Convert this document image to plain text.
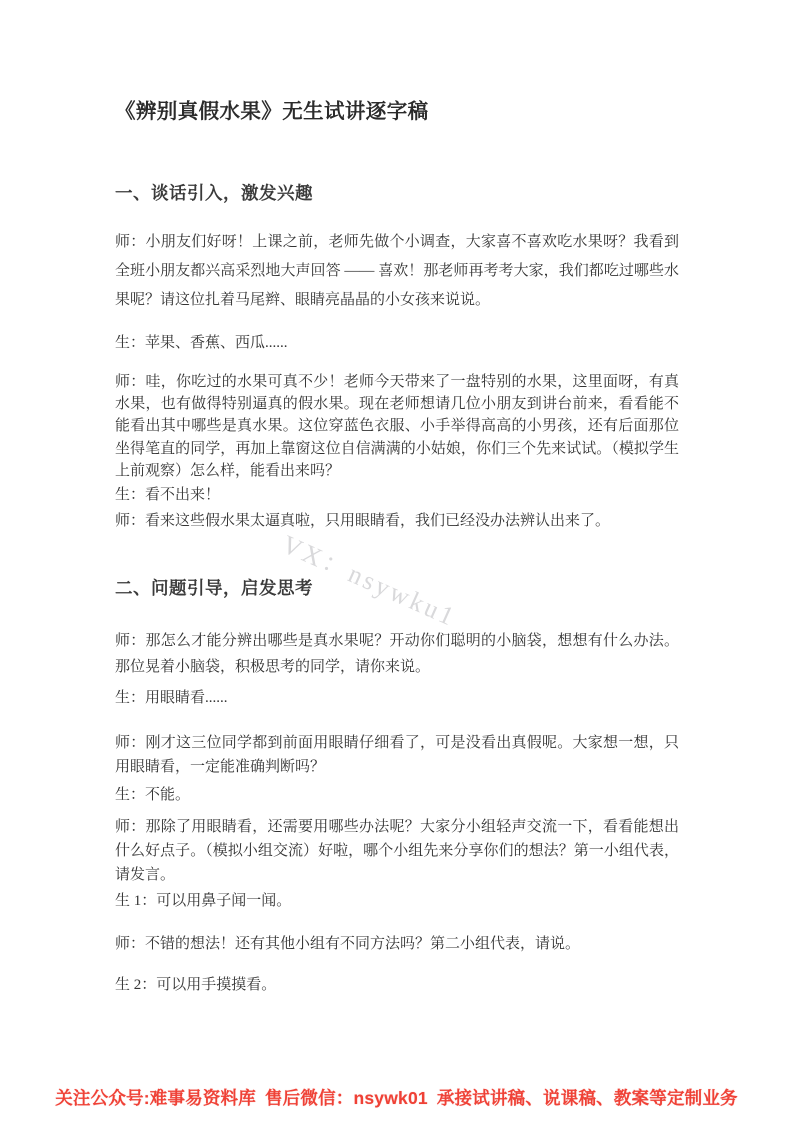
《辨别真假水果》无生试讲逐字稿
一、谈话引入，激发兴趣

师：小朋友们好呀！上课之前，老师先做个小调查，大家喜不喜欢吃水果呀？我看到全班小朋友都兴高采烈地大声回答 —— 喜欢！那老师再考考大家，我们都吃过哪些水果呢？请这位扎着马尾辫、眼睛亮晶晶的小女孩来说说。

生：苹果、香蕉、西瓜......

师：哇，你吃过的水果可真不少！老师今天带来了一盘特别的水果，这里面呀，有真水果，也有做得特别逼真的假水果。现在老师想请几位小朋友到讲台前来，看看能不能看出其中哪些是真水果。这位穿蓝色衣服、小手举得高高的小男孩，还有后面那位坐得笔直的同学，再加上靠窗这位自信满满的小姑娘，你们三个先来试试。（模拟学生上前观察）怎么样，能看出来吗？

生：看不出来！

师：看来这些假水果太逼真啦，只用眼睛看，我们已经没办法辨认出来了。

VX：nsywku1
二、问题引导，启发思考

师：那怎么才能分辨出哪些是真水果呢？开动你们聪明的小脑袋，想想有什么办法。那位晃着小脑袋，积极思考的同学，请你来说。

生：用眼睛看......

师：刚才这三位同学都到前面用眼睛仔细看了，可是没看出真假呢。大家想一想，只用眼睛看，一定能准确判断吗？

生：不能。

师：那除了用眼睛看，还需要用哪些办法呢？大家分小组轻声交流一下，看看能想出什么好点子。（模拟小组交流）好啦，哪个小组先来分享你们的想法？第一小组代表，请发言。

生 1：可以用鼻子闻一闻。

师：不错的想法！还有其他小组有不同方法吗？第二小组代表，请说。

生 2：可以用手摸摸看。

关注公众号:难事易资料库 售后微信：nsywk01 承接试讲稿、说课稿、教案等定制业务
